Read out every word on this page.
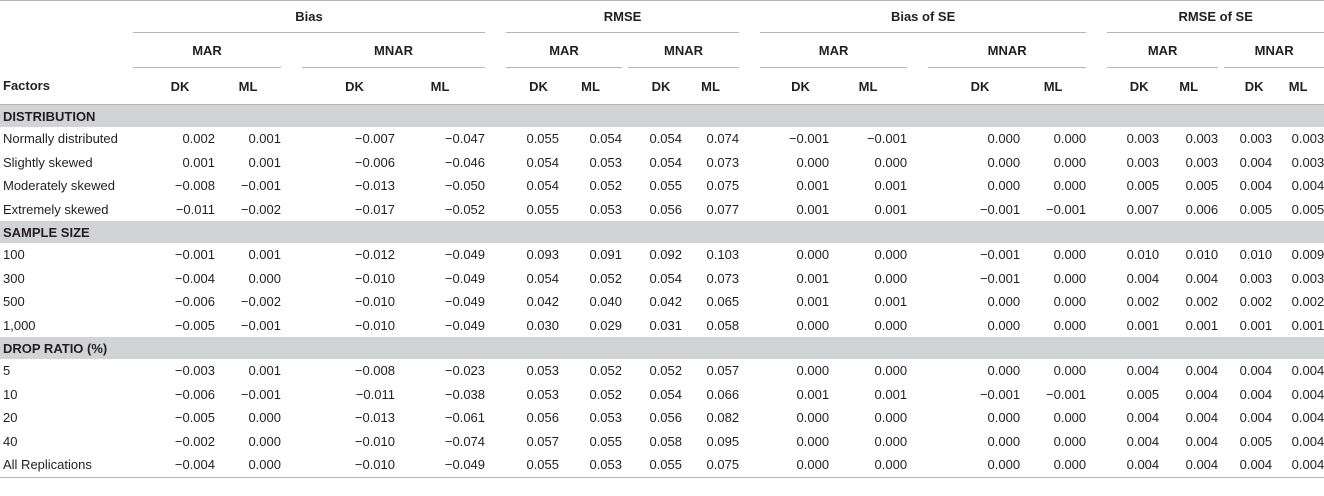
	Bias								RMSE								Bias of SE								RMSE of SE						
	MAR				MNAR				MAR				MNAR				MAR				MNAR				MAR				MNAR		
Factors		DK	ML			DK	ML			DK	ML			DK	ML			DK	ML			DK	ML			DK	ML			DK	ML
DISTRIBUTION																															
Normally distributed		0.002	0.001			−0.007	−0.047			0.055	0.054			0.054	0.074			−0.001	−0.001			0.000	0.000			0.003	0.003			0.003	0.003
Slightly skewed		0.001	0.001			−0.006	−0.046			0.054	0.053			0.054	0.073			0.000	0.000			0.000	0.000			0.003	0.003			0.004	0.003
Moderately skewed		−0.008	−0.001			−0.013	−0.050			0.054	0.052			0.055	0.075			0.001	0.001			0.000	0.000			0.005	0.005			0.004	0.004
Extremely skewed		−0.011	−0.002			−0.017	−0.052			0.055	0.053			0.056	0.077			0.001	0.001			−0.001	−0.001			0.007	0.006			0.005	0.005
SAMPLE SIZE																															
100		−0.001	0.001			−0.012	−0.049			0.093	0.091			0.092	0.103			0.000	0.000			−0.001	0.000			0.010	0.010			0.010	0.009
300		−0.004	0.000			−0.010	−0.049			0.054	0.052			0.054	0.073			0.001	0.000			−0.001	0.000			0.004	0.004			0.003	0.003
500		−0.006	−0.002			−0.010	−0.049			0.042	0.040			0.042	0.065			0.001	0.001			0.000	0.000			0.002	0.002			0.002	0.002
1,000		−0.005	−0.001			−0.010	−0.049			0.030	0.029			0.031	0.058			0.000	0.000			0.000	0.000			0.001	0.001			0.001	0.001
DROP RATIO (%)																															
5		−0.003	0.001			−0.008	−0.023			0.053	0.052			0.052	0.057			0.000	0.000			0.000	0.000			0.004	0.004			0.004	0.004
10		−0.006	−0.001			−0.011	−0.038			0.053	0.052			0.054	0.066			0.001	0.001			−0.001	−0.001			0.005	0.004			0.004	0.004
20		−0.005	0.000			−0.013	−0.061			0.056	0.053			0.056	0.082			0.000	0.000			0.000	0.000			0.004	0.004			0.004	0.004
40		−0.002	0.000			−0.010	−0.074			0.057	0.055			0.058	0.095			0.000	0.000			0.000	0.000			0.004	0.004			0.005	0.004
All Replications		−0.004	0.000			−0.010	−0.049			0.055	0.053			0.055	0.075			0.000	0.000			0.000	0.000			0.004	0.004			0.004	0.004
